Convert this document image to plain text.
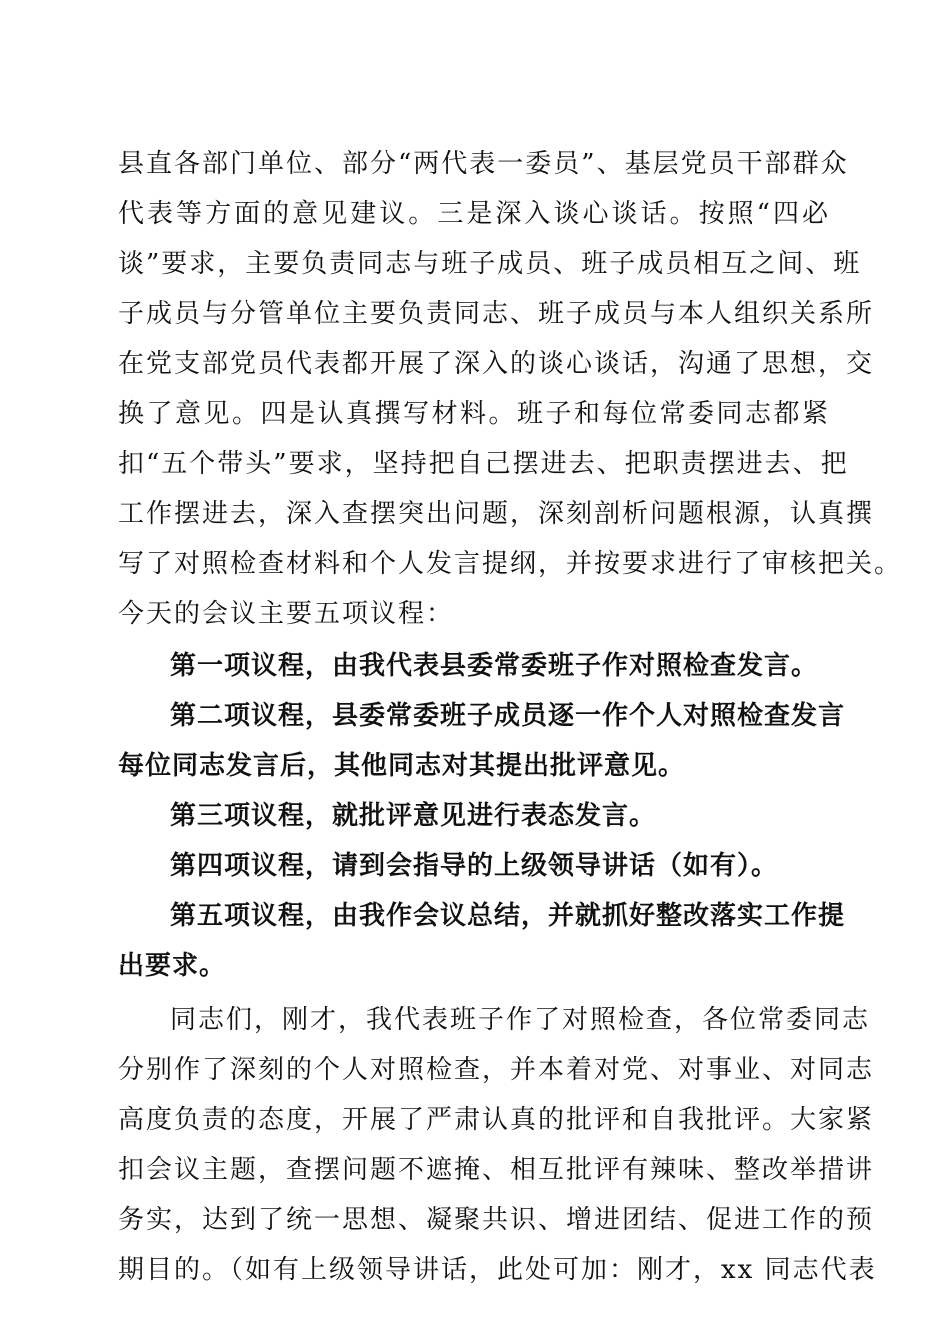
县直各部门单位、部分“两代表一委员”、基层党员干部群众
代表等方面的意见建议。三是深入谈心谈话。按照“四必
谈”要求，主要负责同志与班子成员、班子成员相互之间、班
子成员与分管单位主要负责同志、班子成员与本人组织关系所
在党支部党员代表都开展了深入的谈心谈话，沟通了思想，交
换了意见。四是认真撰写材料。班子和每位常委同志都紧
扣“五个带头”要求，坚持把自己摆进去、把职责摆进去、把
工作摆进去，深入查摆突出问题，深刻剖析问题根源，认真撰
写了对照检查材料和个人发言提纲，并按要求进行了审核把关。
今天的会议主要五项议程：
第一项议程，由我代表县委常委班子作对照检查发言。
第二项议程，县委常委班子成员逐一作个人对照检查发言
每位同志发言后，其他同志对其提出批评意见。
第三项议程，就批评意见进行表态发言。
第四项议程，请到会指导的上级领导讲话（如有）。
第五项议程，由我作会议总结，并就抓好整改落实工作提
出要求。
同志们，刚才，我代表班子作了对照检查，各位常委同志
分别作了深刻的个人对照检查，并本着对党、对事业、对同志
高度负责的态度，开展了严肃认真的批评和自我批评。大家紧
扣会议主题，查摆问题不遮掩、相互批评有辣味、整改举措讲
务实，达到了统一思想、凝聚共识、增进团结、促进工作的预
期目的。（如有上级领导讲话，此处可加：刚才，xx 同志代表
